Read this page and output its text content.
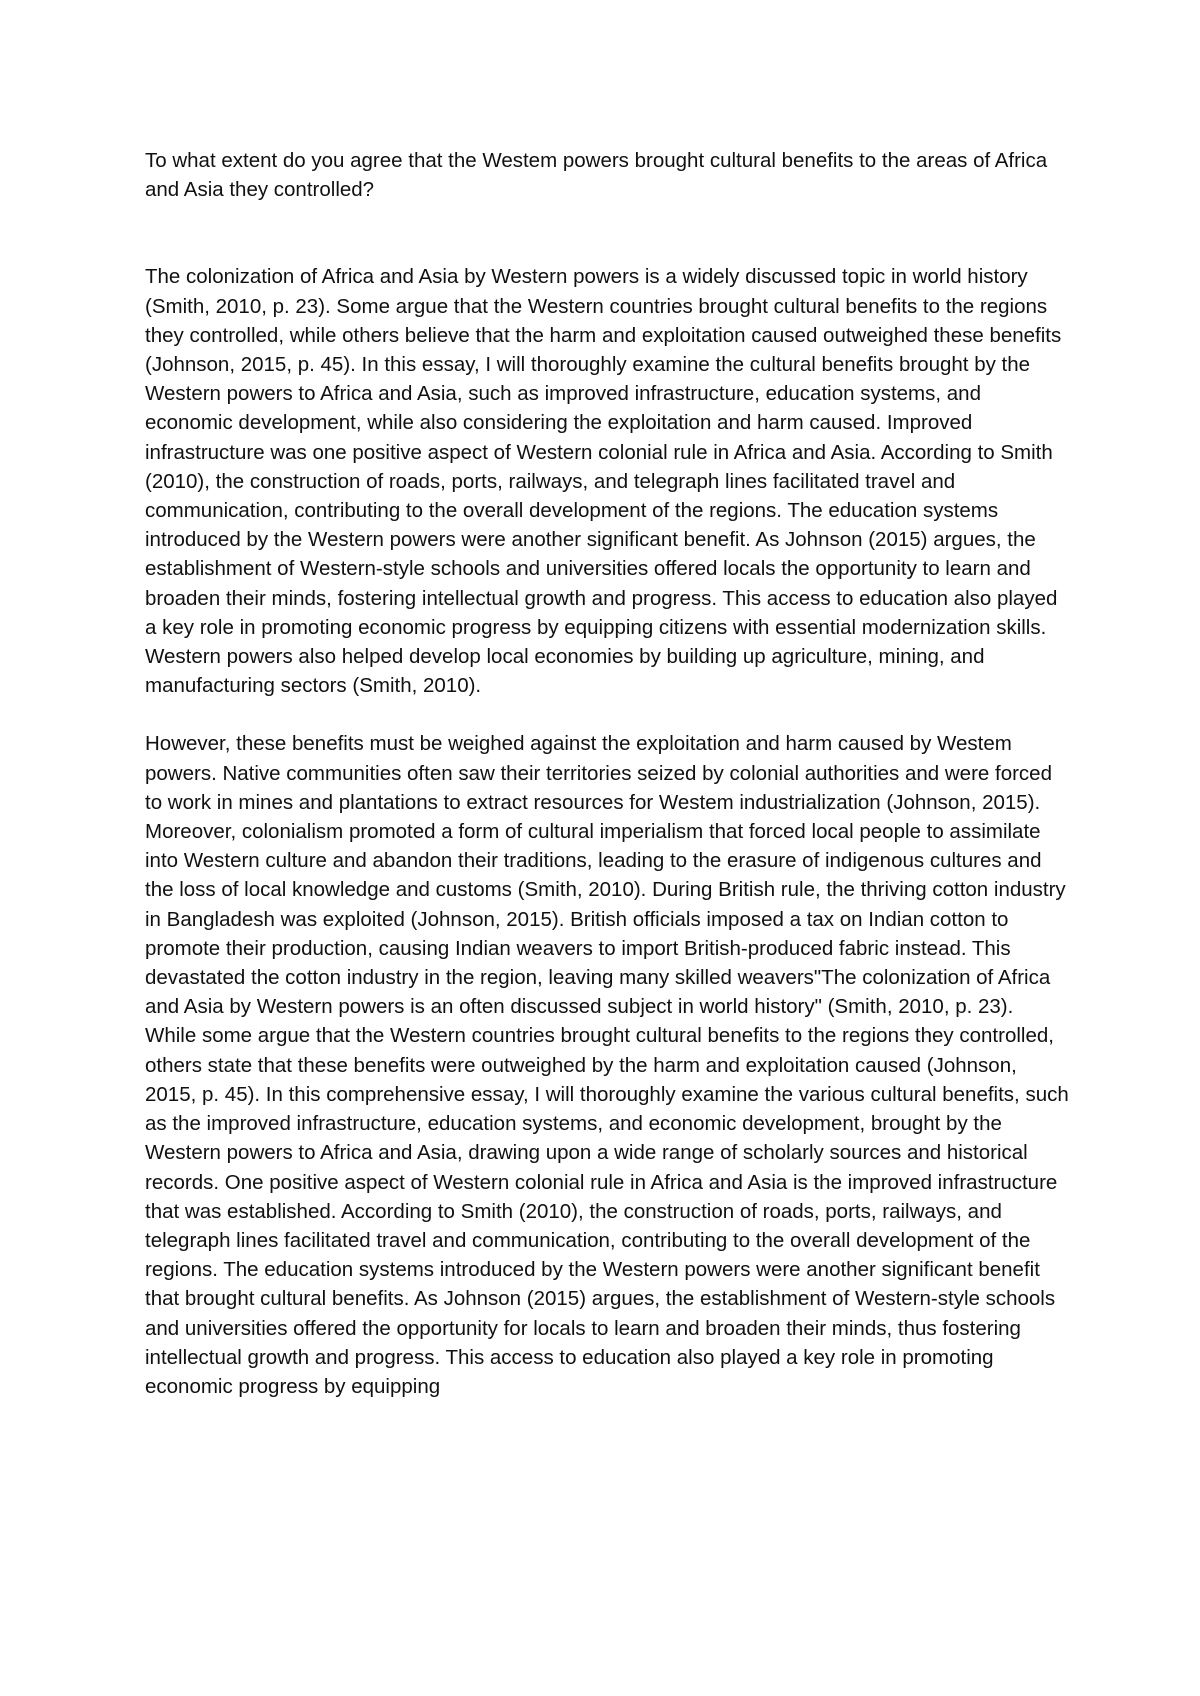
To what extent do you agree that the Westem powers brought cultural benefits to the areas of Africa and Asia they controlled?

The colonization of Africa and Asia by Western powers is a widely discussed topic in world history (Smith, 2010, p. 23). Some argue that the Western countries brought cultural benefits to the regions they controlled, while others believe that the harm and exploitation caused outweighed these benefits (Johnson, 2015, p. 45). In this essay, I will thoroughly examine the cultural benefits brought by the Western powers to Africa and Asia, such as improved infrastructure, education systems, and economic development, while also considering the exploitation and harm caused. Improved infrastructure was one positive aspect of Western colonial rule in Africa and Asia. According to Smith (2010), the construction of roads, ports, railways, and telegraph lines facilitated travel and communication, contributing to the overall development of the regions. The education systems introduced by the Western powers were another significant benefit. As Johnson (2015) argues, the establishment of Western-style schools and universities offered locals the opportunity to learn and broaden their minds, fostering intellectual growth and progress. This access to education also played a key role in promoting economic progress by equipping citizens with essential modernization skills. Western powers also helped develop local economies by building up agriculture, mining, and manufacturing sectors (Smith, 2010).

However, these benefits must be weighed against the exploitation and harm caused by Westem powers. Native communities often saw their territories seized by colonial authorities and were forced to work in mines and plantations to extract resources for Westem industrialization (Johnson, 2015). Moreover, colonialism promoted a form of cultural imperialism that forced local people to assimilate into Western culture and abandon their traditions, leading to the erasure of indigenous cultures and the loss of local knowledge and customs (Smith, 2010). During British rule, the thriving cotton industry in Bangladesh was exploited (Johnson, 2015). British officials imposed a tax on Indian cotton to promote their production, causing Indian weavers to import British-produced fabric instead. This devastated the cotton industry in the region, leaving many skilled weavers"The colonization of Africa and Asia by Western powers is an often discussed subject in world history" (Smith, 2010, p. 23). While some argue that the Western countries brought cultural benefits to the regions they controlled, others state that these benefits were outweighed by the harm and exploitation caused (Johnson, 2015, p. 45). In this comprehensive essay, I will thoroughly examine the various cultural benefits, such as the improved infrastructure, education systems, and economic development, brought by the Western powers to Africa and Asia, drawing upon a wide range of scholarly sources and historical records. One positive aspect of Western colonial rule in Africa and Asia is the improved infrastructure that was established. According to Smith (2010), the construction of roads, ports, railways, and telegraph lines facilitated travel and communication, contributing to the overall development of the regions. The education systems introduced by the Western powers were another significant benefit that brought cultural benefits. As Johnson (2015) argues, the establishment of Western-style schools and universities offered the opportunity for locals to learn and broaden their minds, thus fostering intellectual growth and progress. This access to education also played a key role in promoting economic progress by equipping
